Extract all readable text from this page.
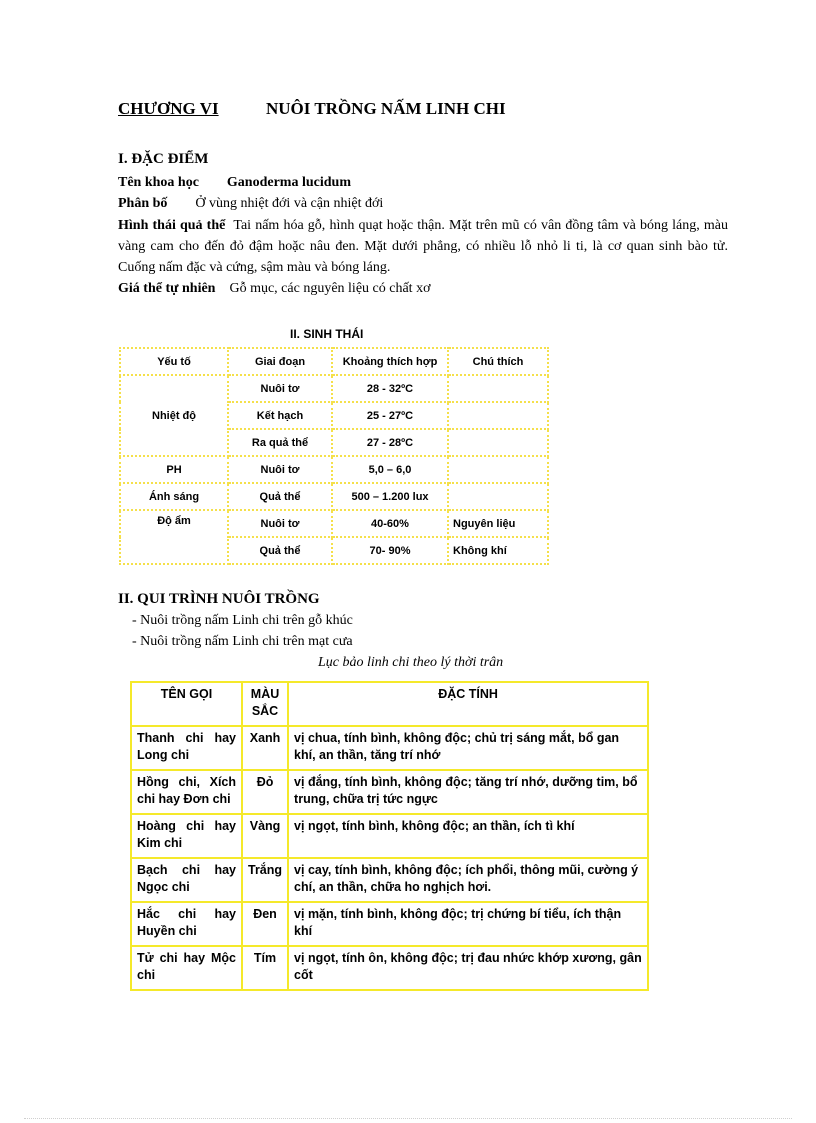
CHƯƠNG VI	NUÔI TRỒNG NẤM LINH CHI
I. ĐẶC ĐIỂM
Tên khoa học Ganoderma lucidum
Phân bố Ở vùng nhiệt đới và cận nhiệt đới
Hình thái quả thể Tai nấm hóa gỗ, hình quạt hoặc thận. Mặt trên mũ có vân đồng tâm và bóng láng, màu vàng cam cho đến đỏ đậm hoặc nâu đen. Mặt dưới phẳng, có nhiều lỗ nhỏ li ti, là cơ quan sinh bào tử. Cuống nấm đặc và cứng, sậm màu và bóng láng.
Giá thể tự nhiên Gỗ mục, các nguyên liệu có chất xơ
II. SINH THÁI
Yếu tố	Giai đoạn	Khoảng thích hợp	Chú thích
Nhiệt độ	Nuôi tơ	28 - 32ºC	
	Kết hạch	25 - 27ºC	
	Ra quả thể	27 - 28ºC	
PH	Nuôi tơ	5,0 – 6,0	
Ánh sáng	Quả thể	500 – 1.200 lux	
Độ ẩm	Nuôi tơ	40-60%	Nguyên liệu
	Quả thể	70- 90%	Không khí
II. QUI TRÌNH NUÔI TRỒNG
- Nuôi trồng nấm Linh chi trên gỗ khúc
- Nuôi trồng nấm Linh chi trên mạt cưa
Lục bảo linh chi theo lý thời trân
TÊN GỌI	MÀU SẮC	ĐẶC TÍNH
Thanh chi hay Long chi	Xanh	vị chua, tính bình, không độc; chủ trị sáng mắt, bổ gan khí, an thần, tăng trí nhớ
Hồng chi, Xích chi hay Đơn chi	Đỏ	vị đắng, tính bình, không độc; tăng trí nhớ, dưỡng tim, bổ trung, chữa trị tức ngực
Hoàng chi hay Kim chi	Vàng	vị ngọt, tính bình, không độc; an thần, ích tì khí
Bạch chi hay Ngọc chi	Trắng	vị cay, tính bình, không độc; ích phổi, thông mũi, cường ý chí, an thần, chữa ho nghịch hơi.
Hắc chi hay Huyền chi	Đen	vị mặn, tính bình, không độc; trị chứng bí tiểu, ích thận khí
Tử chi hay Mộc chi	Tím	vị ngọt, tính ôn, không độc; trị đau nhức khớp xương, gân cốt
